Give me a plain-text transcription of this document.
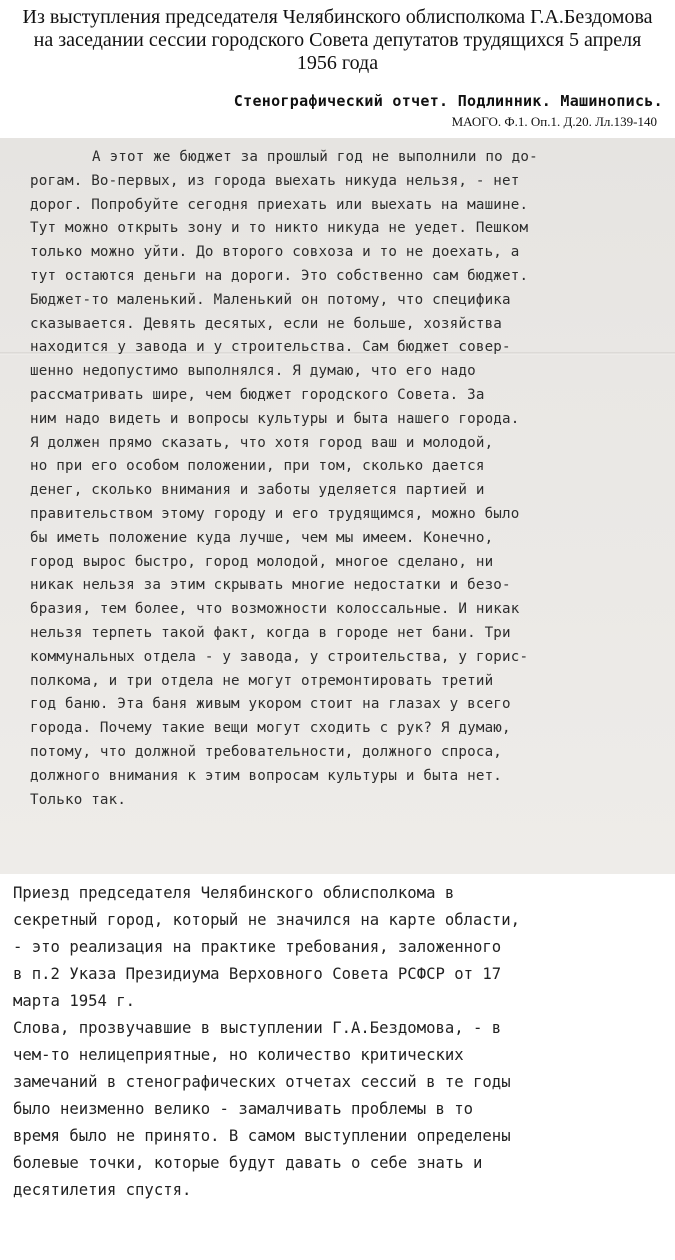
Из выступления председателя Челябинского облисполкома Г.А.Бездомова
на заседании сессии городского Совета депутатов трудящихся 5 апреля
1956 года
Стенографический отчет. Подлинник. Машинопись.
МАОГО. Ф.1. Оп.1. Д.20. Лл.139-140
А этот же бюджет за прошлый год не выполнили по до-
рогам. Во-первых, из города выехать никуда нельзя, - нет
дорог. Попробуйте сегодня приехать или выехать на машине.
Тут можно открыть зону и то никто никуда не уедет. Пешком
только можно уйти. До второго совхоза и то не доехать, а
тут остаются деньги на дороги. Это собственно сам бюджет.
Бюджет-то маленький. Маленький он потому, что специфика
сказывается. Девять десятых, если не больше, хозяйства
находится у завода и у строительства. Сам бюджет совер-
шенно недопустимо выполнялся. Я думаю, что его надо
рассматривать шире, чем бюджет городского Совета. За
ним надо видеть и вопросы культуры и быта нашего города.
Я должен прямо сказать, что хотя город ваш и молодой,
но при его особом положении, при том, сколько дается
денег, сколько внимания и заботы уделяется партией и
правительством этому городу и его трудящимся, можно было
бы иметь положение куда лучше, чем мы имеем. Конечно,
город вырос быстро, город молодой, многое сделано, ни
никак нельзя за этим скрывать многие недостатки и безо-
бразия, тем более, что возможности колоссальные. И никак
нельзя терпеть такой факт, когда в городе нет бани. Три
коммунальных отдела - у завода, у строительства, у горис-
полкома, и три отдела не могут отремонтировать третий
год баню. Эта баня живым укором стоит на глазах у всего
города. Почему такие вещи могут сходить с рук? Я думаю,
потому, что должной требовательности, должного спроса,
должного внимания к этим вопросам культуры и быта нет.
Только так.
Приезд председателя Челябинского облисполкома в
секретный город, который не значился на карте области,
- это реализация на практике требования, заложенного
в п.2 Указа Президиума Верховного Совета РСФСР от 17
марта 1954 г.
Слова, прозвучавшие в выступлении Г.А.Бездомова, - в
чем-то нелицеприятные, но количество критических
замечаний в стенографических отчетах сессий в те годы
было неизменно велико - замалчивать проблемы в то
время было не принято. В самом выступлении определены
болевые точки, которые будут давать о себе знать и
десятилетия спустя.
